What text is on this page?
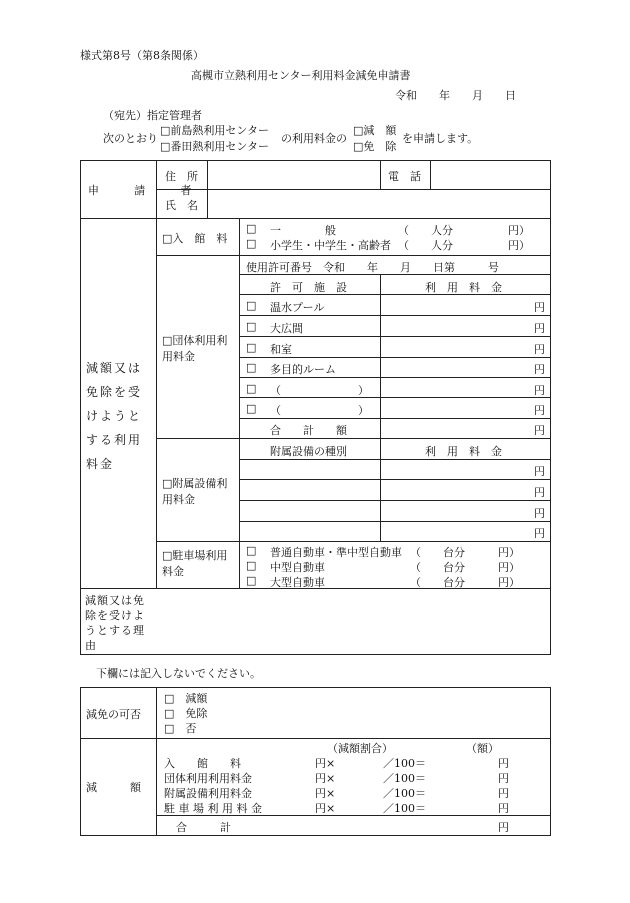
様式第8号（第8条関係）
高槻市立熱利用センター利用料金減免申請書
令和　　年　　月　　日
（宛先）指定管理者
次のとおり
□前島熱利用センター
□番田熱利用センター
の利用料金の
□減　額
□免　除
を申請します。
申　請　者
住　所	電　話
氏　名
減額又は免除を受けようとする利用料金
□入　館　料
□ 一　　　　般	（　　人分　　　　　円）
□ 小学生・中学生・高齢者 （　　人分　　　　　円）
□団体利用利用料金
使用許可番号　令和　　年　　月　　日第　　　号
許　可　施　設	利　用　料　金
□ 温水プール	円
□ 大広間	円
□ 和室	円
□ 多目的ルーム	円
□ （　　　　　　　）	円
□ （　　　　　　　）	円
合　　計　　額	円
□附属設備利用料金
附属設備の種別	利　用　料　金
円
円
円
円
□駐車場利用料金
□ 普通自動車・準中型自動車 （　　台分　　　円）
□ 中型自動車	（　　台分　　　円）
□ 大型自動車	（　　台分　　　円）
減額又は免除を受けようとする理由
下欄には記入しないでください。
減免の可否
□　減額
□　免除
□　否
減　　　額
（減額割合）	（額）
入　　館　　料	円×	／100＝	円
団体利用利用料金	円×	／100＝	円
附属設備利用料金	円×	／100＝	円
駐 車 場 利 用 料 金	円×	／100＝	円
合　　　計	円
